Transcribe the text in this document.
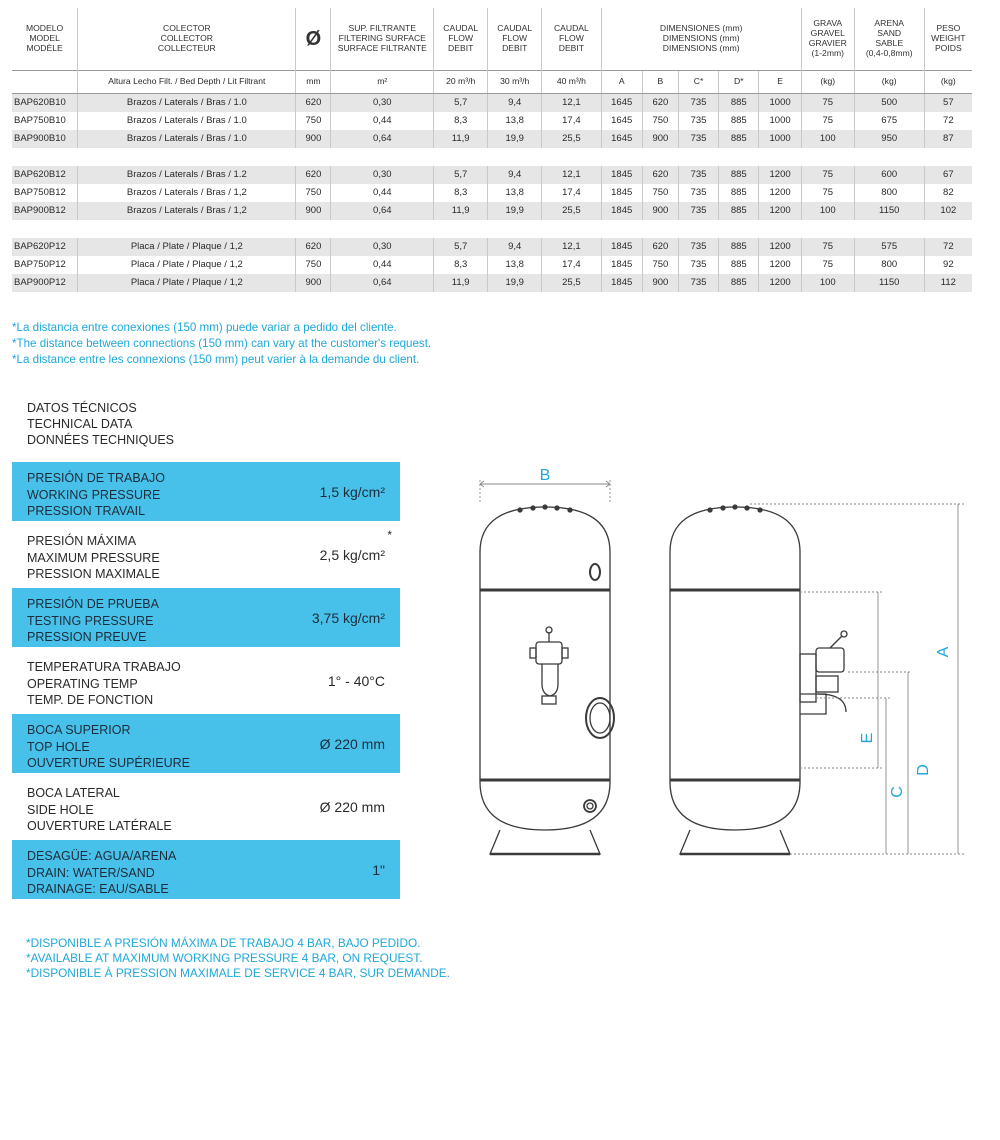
MODELO
MODEL
MODÈLE	COLECTOR
COLLECTOR
COLLECTEUR	Ø	SUP. FILTRANTE
FILTERING SURFACE
SURFACE FILTRANTE	CAUDAL
FLOW
DEBIT	CAUDAL
FLOW
DEBIT	CAUDAL
FLOW
DEBIT	DIMENSIONES (mm)
DIMENSIONS (mm)
DIMENSIONS (mm)					GRAVA
GRAVEL
GRAVIER
(1-2mm)	ARENA
SAND
SABLE
(0,4-0,8mm)	PESO
WEIGHT
POIDS

	Altura Lecho Filt. / Bed Depth / Lit Filtrant	mm	m²	20 m³/h	30 m³/h	40 m³/h	A	B	C*	D*	E	(kg)	(kg)	(kg)
BAP620B10	Brazos / Laterals / Bras / 1.0	620	0,30	5,7	9,4	12,1	1645	620	735	885	1000	75	500	57
BAP750B10	Brazos / Laterals / Bras / 1.0	750	0,44	8,3	13,8	17,4	1645	750	735	885	1000	75	675	72
BAP900B10	Brazos / Laterals / Bras / 1.0	900	0,64	11,9	19,9	25,5	1645	900	735	885	1000	100	950	87

BAP620B12	Brazos / Laterals / Bras / 1.2	620	0,30	5,7	9,4	12,1	1845	620	735	885	1200	75	600	67
BAP750B12	Brazos / Laterals / Bras / 1,2	750	0,44	8,3	13,8	17,4	1845	750	735	885	1200	75	800	82
BAP900B12	Brazos / Laterals / Bras / 1,2	900	0,64	11,9	19,9	25,5	1845	900	735	885	1200	100	1150	102

BAP620P12	Placa / Plate / Plaque / 1,2	620	0,30	5,7	9,4	12,1	1845	620	735	885	1200	75	575	72
BAP750P12	Placa / Plate / Plaque / 1,2	750	0,44	8,3	13,8	17,4	1845	750	735	885	1200	75	800	92
BAP900P12	Placa / Plate / Plaque / 1,2	900	0,64	11,9	19,9	25,5	1845	900	735	885	1200	100	1150	112
*La distancia entre conexiones (150 mm) puede variar a pedido del cliente.
*The distance between connections (150 mm) can vary at the customer's request.
*La distance entre les connexions (150 mm) peut varier à la demande du client.
DATOS TÉCNICOS
TECHNICAL DATA
DONNÉES TECHNIQUES
PRESIÓN DE TRABAJO
WORKING PRESSURE
PRESSION TRAVAIL
1,5 kg/cm²
PRESIÓN MÁXIMA
MAXIMUM PRESSURE
PRESSION MAXIMALE
2,5 kg/cm²
*
PRESIÓN DE PRUEBA
TESTING PRESSURE
PRESSION PREUVE
3,75 kg/cm²
TEMPERATURA TRABAJO
OPERATING TEMP
TEMP. DE FONCTION
1° - 40°C
BOCA SUPERIOR
TOP HOLE
OUVERTURE SUPÉRIEURE
Ø 220 mm
BOCA LATERAL
SIDE HOLE
OUVERTURE LATÉRALE
Ø 220 mm
DESAGÜE: AGUA/ARENA
DRAIN: WATER/SAND
DRAINAGE: EAU/SABLE
1"
*DISPONIBLE A PRESIÓN MÁXIMA DE TRABAJO 4 BAR, BAJO PEDIDO.
*AVAILABLE AT MAXIMUM WORKING PRESSURE 4 BAR, ON REQUEST.
*DISPONIBLE À PRESSION MAXIMALE DE SERVICE 4 BAR, SUR DEMANDE.
B
A
D
C
E
